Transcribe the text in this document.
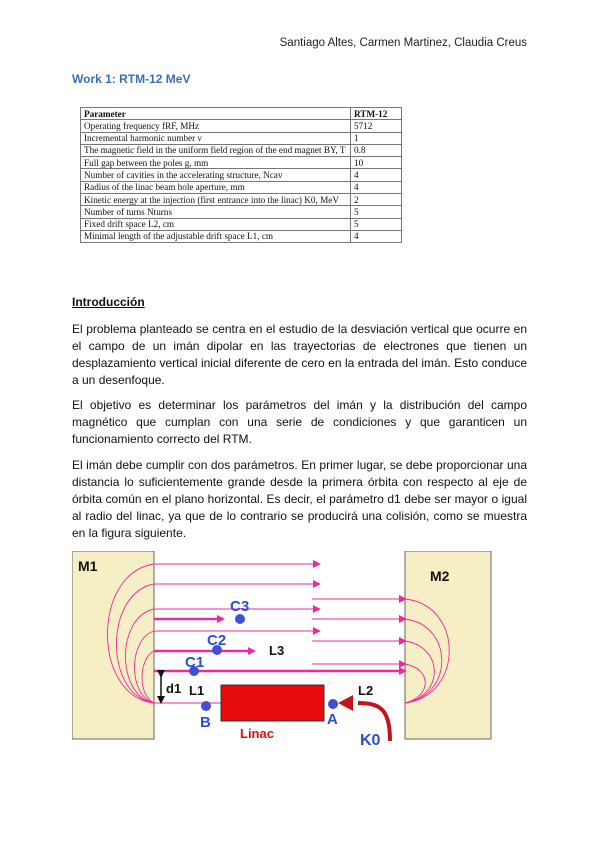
Santiago Altes, Carmen Martinez, Claudia Creus
Work 1: RTM-12 MeV
Parameter	RTM-12
Operating frequency fRF, MHz	5712
Incremental harmonic number ν	1
The magnetic field in the uniform field region of the end magnet BY, T	0.8
Full gap between the poles g, mm	10
Number of cavities in the accelerating structure, Ncav	4
Radius of the linac beam hole aperture, mm	4
Kinetic energy at the injection (first entrance into the linac) K0, MeV	2
Number of turns Nturns	5
Fixed drift space L2, cm	5
Minimal length of the adjustable drift space L1, cm	4
Introducción

El problema planteado se centra en el estudio de la desviación vertical que ocurre en el campo de un imán dipolar en las trayectorias de electrones que tienen un desplazamiento vertical inicial diferente de cero en la entrada del imán. Esto conduce a un desenfoque.

El objetivo es determinar los parámetros del imán y la distribución del campo magnético que cumplan con una serie de condiciones y que garanticen un funcionamiento correcto del RTM.

El imán debe cumplir con dos parámetros. En primer lugar, se debe proporcionar una distancia lo suficientemente grande desde la primera órbita con respecto al eje de órbita común en el plano horizontal. Es decir, el parámetro d1 debe ser mayor o igual al radio del linac, ya que de lo contrario se producirá una colisión, como se muestra en la figura siguiente.

Linac
M1
M2
C3
C2
C1
L3
L1	L2
d1
B	A
K0
